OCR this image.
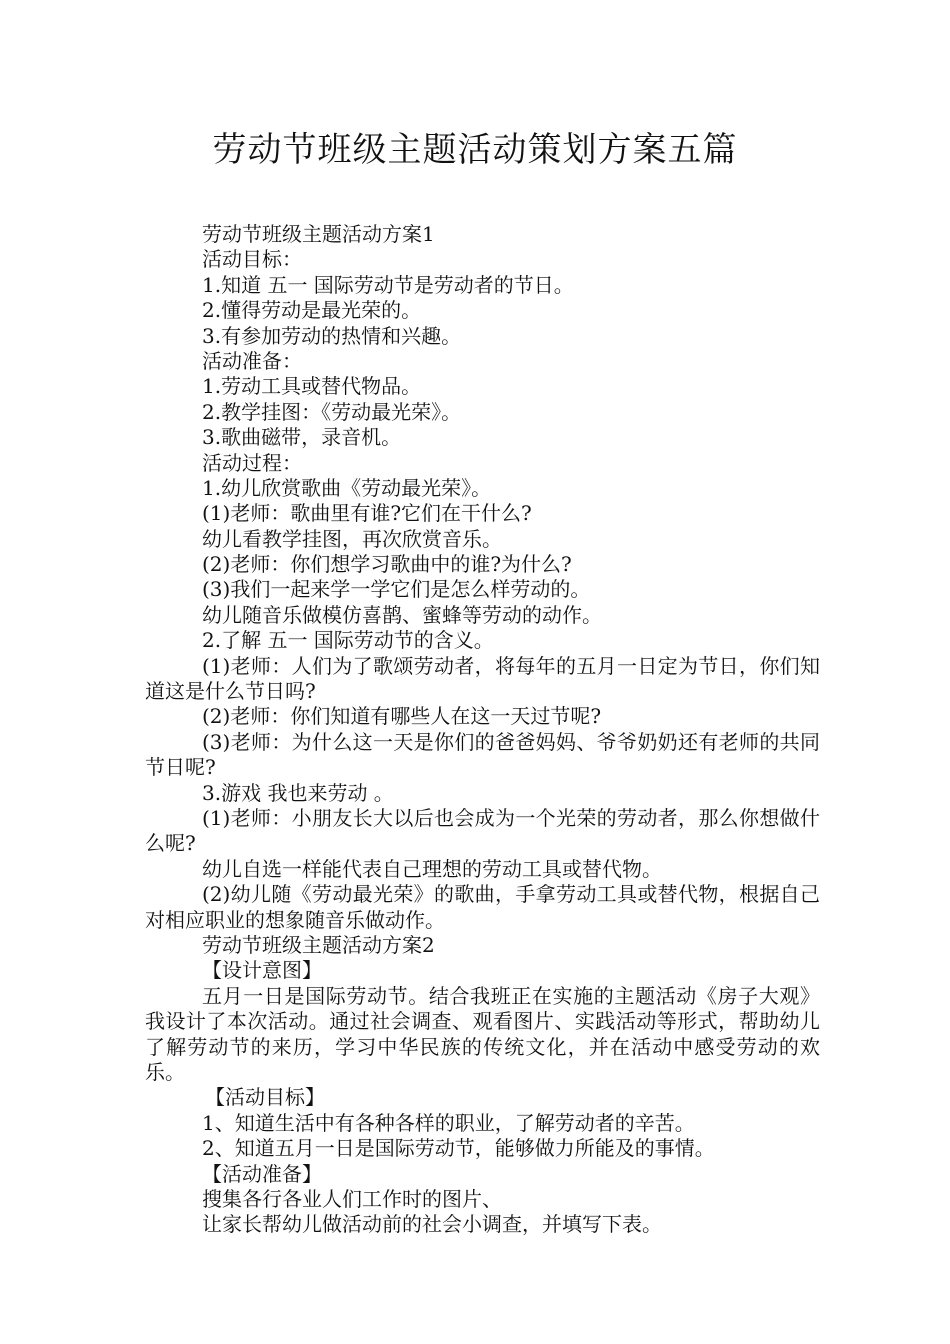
劳动节班级主题活动策划方案五篇
劳动节班级主题活动方案1
活动目标：
1.知道 五一 国际劳动节是劳动者的节日。
2.懂得劳动是最光荣的。
3.有参加劳动的热情和兴趣。
活动准备：
1.劳动工具或替代物品。
2.教学挂图：《劳动最光荣》。
3.歌曲磁带，录音机。
活动过程：
1.幼儿欣赏歌曲《劳动最光荣》。
(1)老师：歌曲里有谁?它们在干什么?
幼儿看教学挂图，再次欣赏音乐。
(2)老师：你们想学习歌曲中的谁?为什么?
(3)我们一起来学一学它们是怎么样劳动的。
幼儿随音乐做模仿喜鹊、蜜蜂等劳动的动作。
2.了解 五一 国际劳动节的含义。
(1)老师：人们为了歌颂劳动者，将每年的五月一日定为节日，你们知道这是什么节日吗?
(2)老师：你们知道有哪些人在这一天过节呢?
(3)老师：为什么这一天是你们的爸爸妈妈、爷爷奶奶还有老师的共同节日呢?
3.游戏 我也来劳动 。
(1)老师：小朋友长大以后也会成为一个光荣的劳动者，那么你想做什么呢?
幼儿自选一样能代表自己理想的劳动工具或替代物。
(2)幼儿随《劳动最光荣》的歌曲，手拿劳动工具或替代物，根据自己对相应职业的想象随音乐做动作。
劳动节班级主题活动方案2
【设计意图】
五月一日是国际劳动节。结合我班正在实施的主题活动《房子大观》我设计了本次活动。通过社会调查、观看图片、实践活动等形式，帮助幼儿了解劳动节的来历，学习中华民族的传统文化，并在活动中感受劳动的欢乐。
【活动目标】
1、知道生活中有各种各样的职业，了解劳动者的辛苦。
2、知道五月一日是国际劳动节，能够做力所能及的事情。
【活动准备】
搜集各行各业人们工作时的图片、
让家长帮幼儿做活动前的社会小调查，并填写下表。
